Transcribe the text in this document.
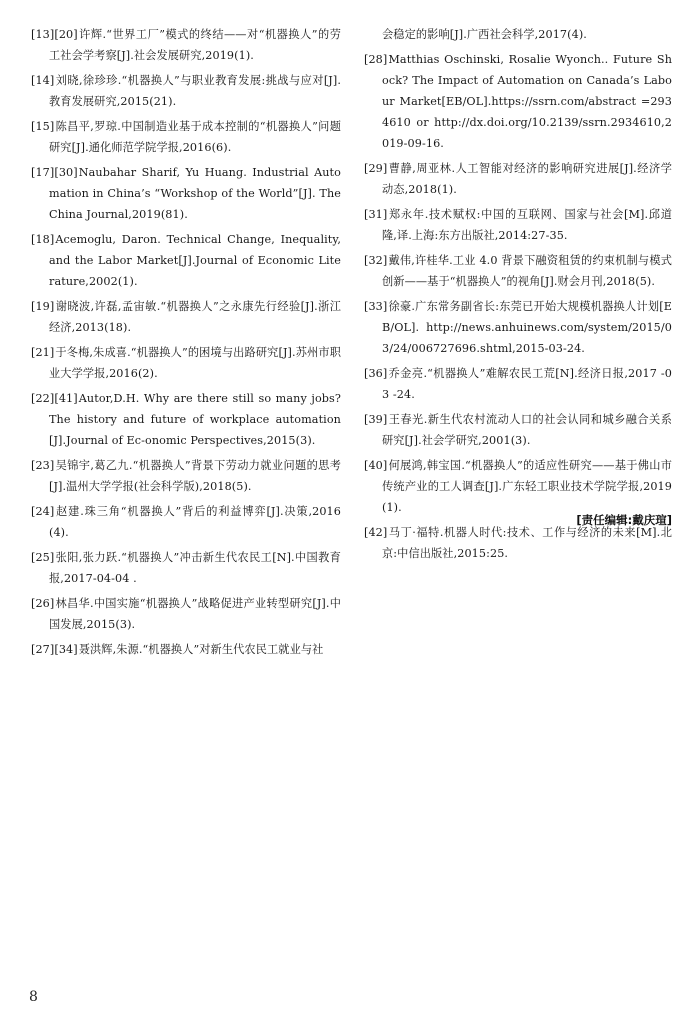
[13][20]许辉.“世界工厂”模式的终结——对“机器换人”的劳工社会学考察[J].社会发展研究,2019(1).
[14]刘晓,徐珍珍.“机器换人”与职业教育发展:挑战与应对[J].教育发展研究,2015(21).
[15]陈昌平,罗琼.中国制造业基于成本控制的“机器换人”问题研究[J].通化师范学院学报,2016(6).
[17][30]Naubahar Sharif, Yu Huang. Industrial Automation in China’s “Workshop of the World”[J]. The China Journal,2019(81).
[18]Acemoglu, Daron. Technical Change, Inequality, and the Labor Market[J].Journal of Economic Literature,2002(1).
[19]谢晓波,许磊,孟宙敏.“机器换人”之永康先行经验[J].浙江经济,2013(18).
[21]于冬梅,朱成喜.“机器换人”的困境与出路研究[J].苏州市职业大学学报,2016(2).
[22][41]Autor,D.H. Why are there still so many jobs? The history and future of workplace automation [J].Journal of Ec-onomic Perspectives,2015(3).
[23]吴锦宇,葛乙九.“机器换人”背景下劳动力就业问题的思考[J].温州大学学报(社会科学版),2018(5).
[24]赵建.珠三角“机器换人”背后的利益博弈[J].决策,2016(4).
[25]张阳,张力跃.“机器换人”冲击新生代农民工[N].中国教育报,2017-04-04 .
[26]林昌华.中国实施“机器换人”战略促进产业转型研究[J].中国发展,2015(3).
[27][34]聂洪辉,朱源.“机器换人”对新生代农民工就业与社
会稳定的影响[J].广西社会科学,2017(4).
[28]Matthias Oschinski, Rosalie Wyonch.. Future Shock? The Impact of Automation on Canada’s Labour Market[EB/OL].https://ssrn.com/abstract =2934610 or http://dx.doi.org/10.2139/ssrn.2934610,2019-09-16.
[29]曹静,周亚林.人工智能对经济的影响研究进展[J].经济学动态,2018(1).
[31]郑永年.技术赋权:中国的互联网、国家与社会[M].邱道隆,译.上海:东方出版社,2014:27-35.
[32]戴伟,许桂华.工业 4.0 背景下融资租赁的约束机制与模式创新——基于“机器换人”的视角[J].财会月刊,2018(5).
[33]徐豪.广东常务副省长:东莞已开始大规模机器换人计划[EB/OL]. http://news.anhuinews.com/system/2015/03/24/006727696.shtml,2015-03-24.
[36]乔金亮.“机器换人”难解农民工荒[N].经济日报,2017 -03 -24.
[39]王春光.新生代农村流动人口的社会认同和城乡融合关系研究[J].社会学研究,2001(3).
[40]何展鸿,韩宝国.“机器换人”的适应性研究——基于佛山市传统产业的工人调查[J].广东轻工职业技术学院学报,2019(1).
[42]马丁·福特.机器人时代:技术、工作与经济的未来[M].北京:中信出版社,2015:25.
[责任编辑:戴庆瑄]
8
